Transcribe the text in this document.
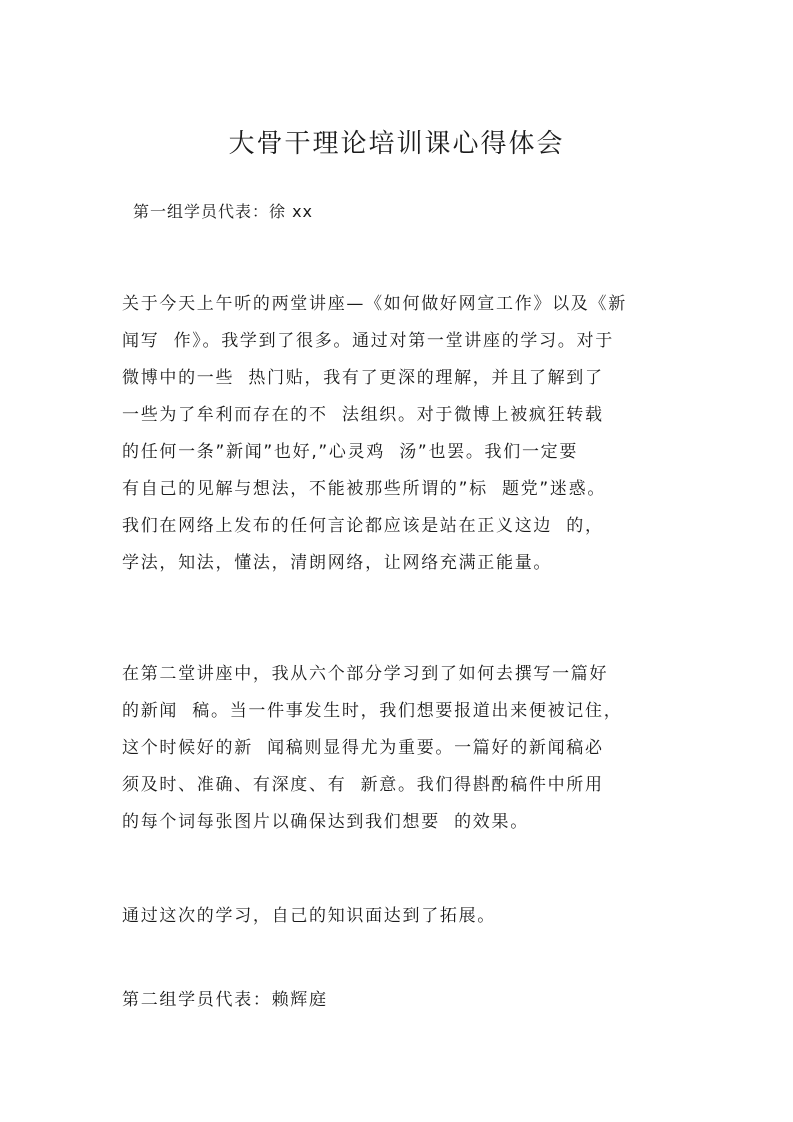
大骨干理论培训课心得体会
第一组学员代表：徐 xx
关于今天上午听的两堂讲座—《如何做好网宣工作》以及《新
闻写  作》。我学到了很多。通过对第一堂讲座的学习。对于
微博中的一些  热门贴，我有了更深的理解，并且了解到了
一些为了牟利而存在的不  法组织。对于微博上被疯狂转载
的任何一条”新闻”也好,”心灵鸡  汤”也罢。我们一定要
有自己的见解与想法，不能被那些所谓的”标  题党”迷惑。
我们在网络上发布的任何言论都应该是站在正义这边  的，
学法，知法，懂法，清朗网络，让网络充满正能量。
在第二堂讲座中，我从六个部分学习到了如何去撰写一篇好
的新闻  稿。当一件事发生时，我们想要报道出来便被记住，
这个时候好的新  闻稿则显得尤为重要。一篇好的新闻稿必
须及时、准确、有深度、有  新意。我们得斟酌稿件中所用
的每个词每张图片以确保达到我们想要  的效果。
通过这次的学习，自己的知识面达到了拓展。
第二组学员代表：赖辉庭
